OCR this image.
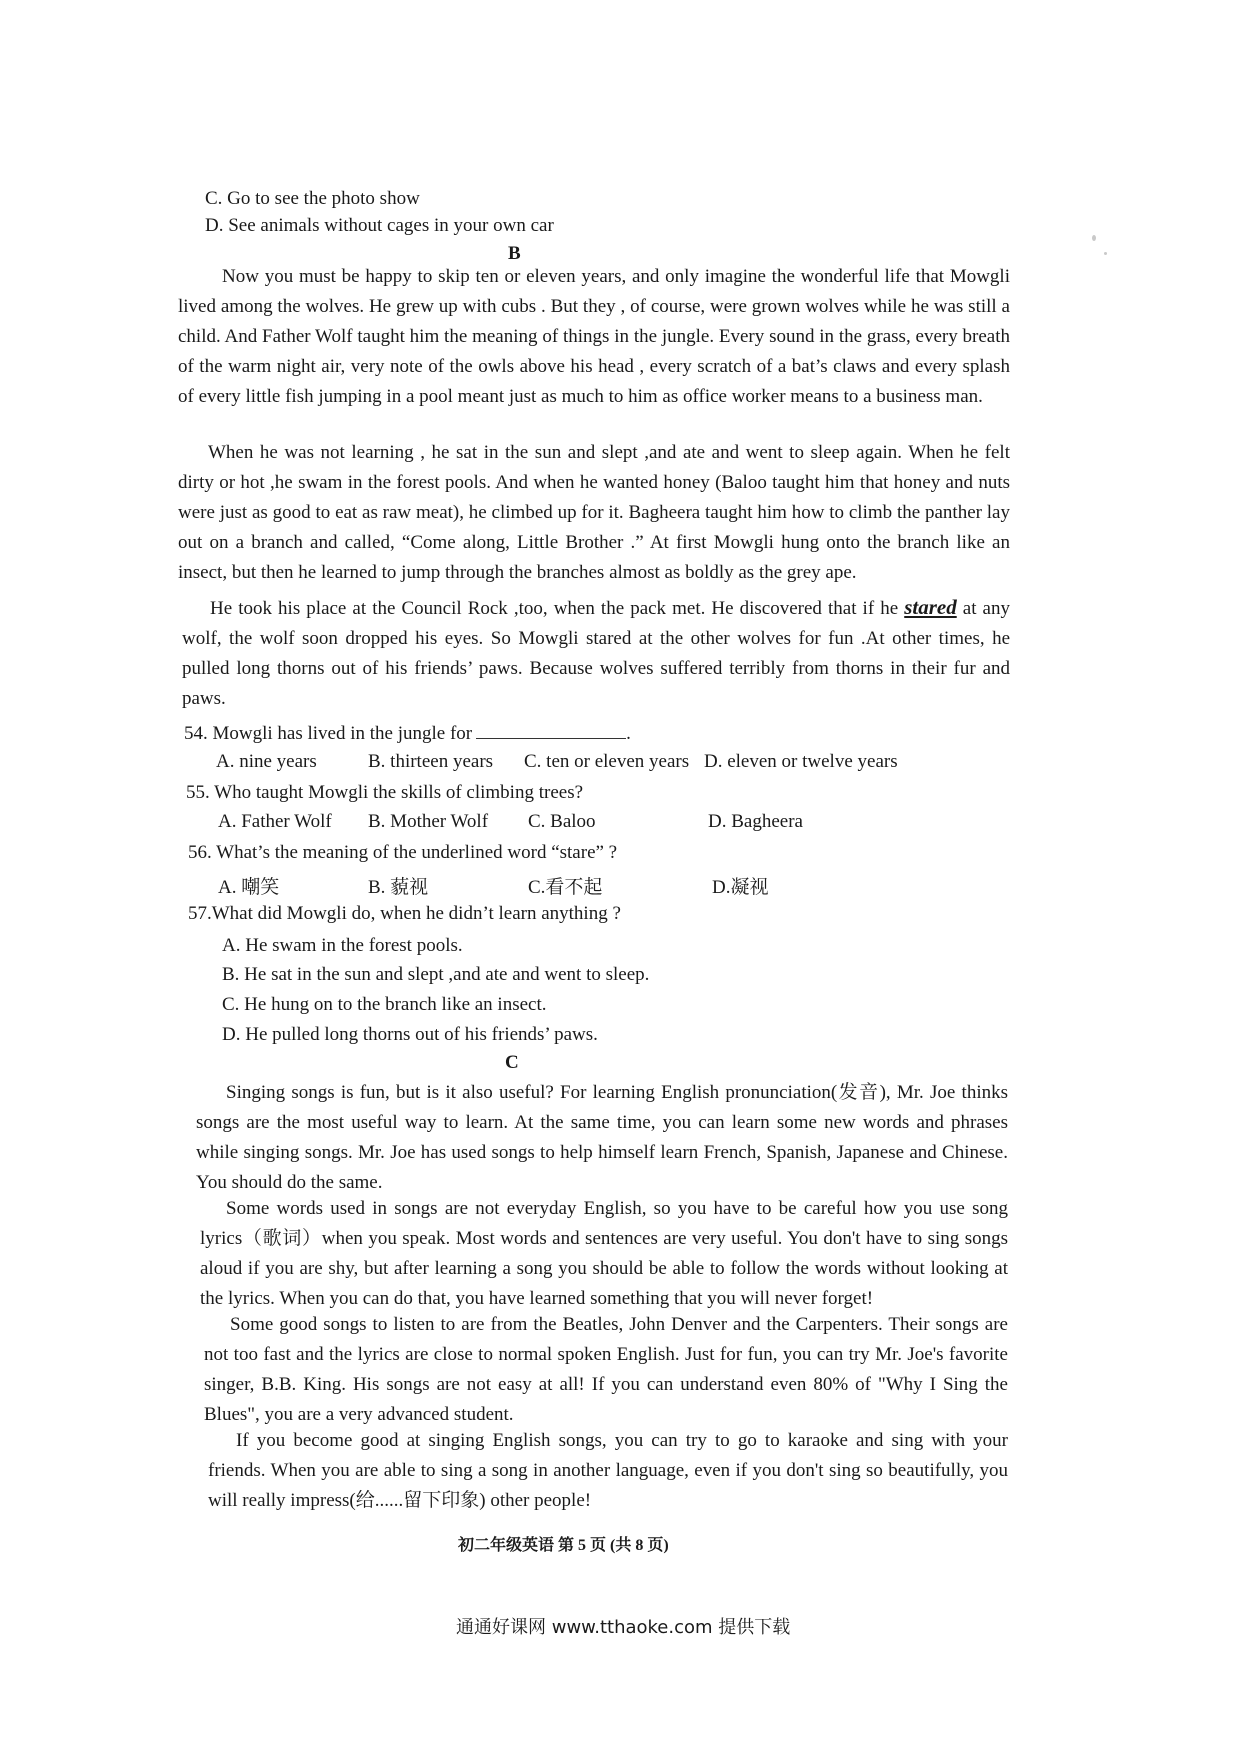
C. Go to see the photo show
D. See animals without cages in your own car
B
Now you must be happy to skip ten or eleven years, and only imagine the wonderful life that Mowgli lived among the wolves. He grew up with cubs . But they , of course, were grown wolves while he was still a child. And Father Wolf taught him the meaning of things in the jungle. Every sound in the grass, every breath of the warm night air, very note of the owls above his head , every scratch of a bat’s claws and every splash of every little fish jumping in a pool meant just as much to him as office worker means to a business man.
When he was not learning , he sat in the sun and slept ,and ate and went to sleep again. When he felt dirty or hot ,he swam in the forest pools. And when he wanted honey (Baloo taught him that honey and nuts were just as good to eat as raw meat), he climbed up for it. Bagheera taught him how to climb the panther lay out on a branch and called, “Come along, Little Brother .” At first Mowgli hung onto the branch like an insect, but then he learned to jump through the branches almost as boldly as the grey ape.
He took his place at the Council Rock ,too, when the pack met. He discovered that if he stared at any wolf, the wolf soon dropped his eyes. So Mowgli stared at the other wolves for fun .At other times, he pulled long thorns out of his friends’ paws. Because wolves suffered terribly from thorns in their fur and paws.
54. Mowgli has lived in the jungle for	.
A. nine years	B. thirteen years C. ten or eleven years D. eleven or twelve years
55. Who taught Mowgli the skills of climbing trees?
A. Father Wolf B. Mother Wolf C. Baloo	D. Bagheera
56. What’s the meaning of the underlined word “stare” ?
A. 嘲笑	B. 藐视	C.看不起	D.凝视
57.What did Mowgli do, when he didn’t learn anything ?
A. He swam in the forest pools.
B. He sat in the sun and slept ,and ate and went to sleep.
C. He hung on to the branch like an insect.
D. He pulled long thorns out of his friends’ paws.
C
Singing songs is fun, but is it also useful? For learning English pronunciation(发音), Mr. Joe thinks songs are the most useful way to learn. At the same time, you can learn some new words and phrases while singing songs. Mr. Joe has used songs to help himself learn French, Spanish, Japanese and Chinese. You should do the same.
Some words used in songs are not everyday English, so you have to be careful how you use song lyrics（歌词）when you speak. Most words and sentences are very useful. You don't have to sing songs aloud if you are shy, but after learning a song you should be able to follow the words without looking at the lyrics. When you can do that, you have learned something that you will never forget!
Some good songs to listen to are from the Beatles, John Denver and the Carpenters. Their songs are not too fast and the lyrics are close to normal spoken English. Just for fun, you can try Mr. Joe's favorite singer, B.B. King. His songs are not easy at all! If you can understand even 80% of "Why I Sing the Blues", you are a very advanced student.
If you become good at singing English songs, you can try to go to karaoke and sing with your friends. When you are able to sing a song in another language, even if you don't sing so beautifully, you will really impress(给......留下印象) other people!
初二年级英语 第 5 页 (共 8 页)
通通好课网 www.tthaoke.com 提供下载
